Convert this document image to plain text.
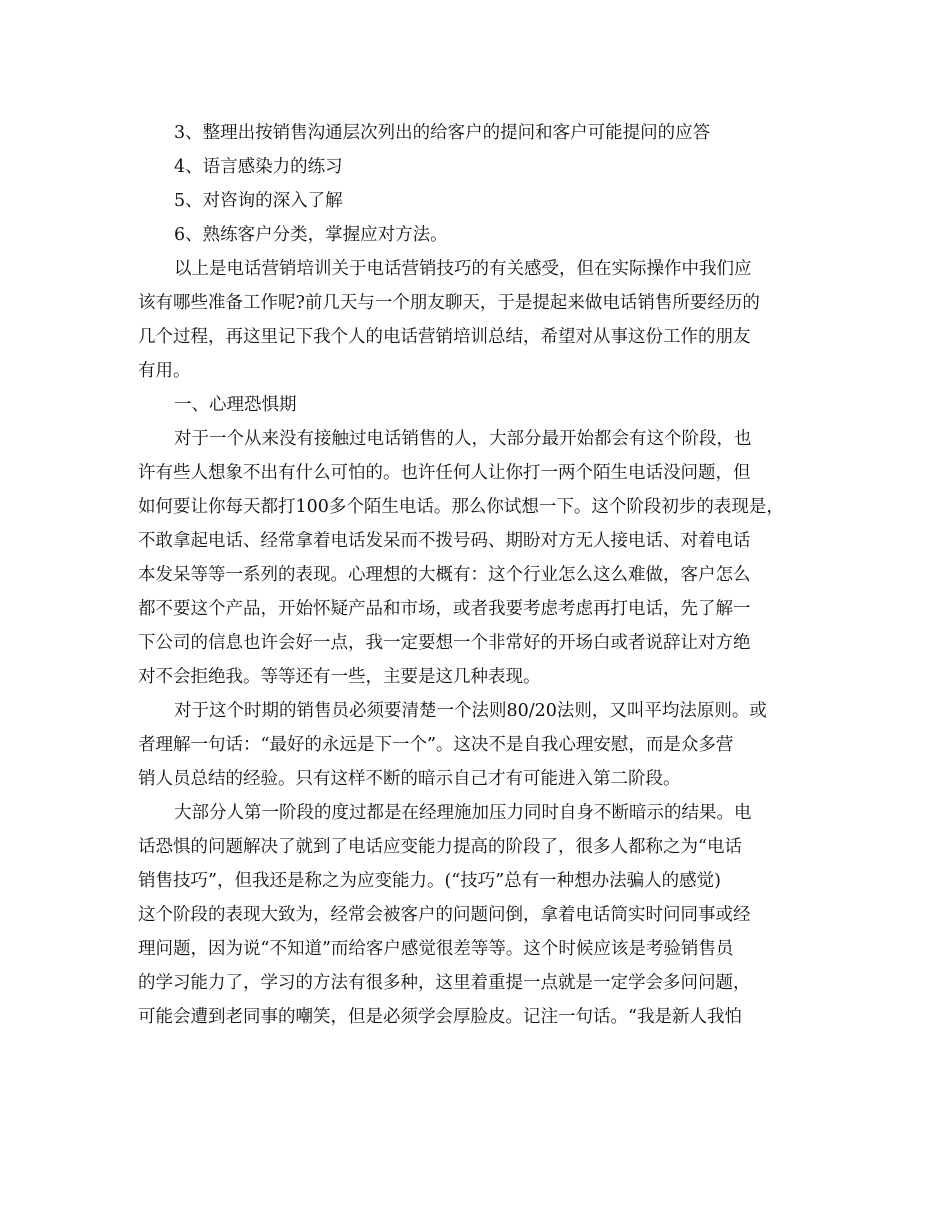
3、整理出按销售沟通层次列出的给客户的提问和客户可能提问的应答
4、语言感染力的练习
5、对咨询的深入了解
6、熟练客户分类，掌握应对方法。
以上是电话营销培训关于电话营销技巧的有关感受，但在实际操作中我们应
该有哪些准备工作呢?前几天与一个朋友聊天，于是提起来做电话销售所要经历的
几个过程，再这里记下我个人的电话营销培训总结，希望对从事这份工作的朋友
有用。
一、心理恐惧期
对于一个从来没有接触过电话销售的人，大部分最开始都会有这个阶段，也
许有些人想象不出有什么可怕的。也许任何人让你打一两个陌生电话没问题，但
如何要让你每天都打100多个陌生电话。那么你试想一下。这个阶段初步的表现是，
不敢拿起电话、经常拿着电话发呆而不拨号码、期盼对方无人接电话、对着电话
本发呆等等一系列的表现。心理想的大概有：这个行业怎么这么难做，客户怎么
都不要这个产品，开始怀疑产品和市场，或者我要考虑考虑再打电话，先了解一
下公司的信息也许会好一点，我一定要想一个非常好的开场白或者说辞让对方绝
对不会拒绝我。等等还有一些，主要是这几种表现。
对于这个时期的销售员必须要清楚一个法则80/20法则，又叫平均法原则。或
者理解一句话：“最好的永远是下一个”。这决不是自我心理安慰，而是众多营
销人员总结的经验。只有这样不断的暗示自己才有可能进入第二阶段。
大部分人第一阶段的度过都是在经理施加压力同时自身不断暗示的结果。电
话恐惧的问题解决了就到了电话应变能力提高的阶段了，很多人都称之为“电话
销售技巧”，但我还是称之为应变能力。(“技巧”总有一种想办法骗人的感觉)
这个阶段的表现大致为，经常会被客户的问题问倒，拿着电话筒实时问同事或经
理问题，因为说“不知道”而给客户感觉很差等等。这个时候应该是考验销售员
的学习能力了，学习的方法有很多种，这里着重提一点就是一定学会多问问题，
可能会遭到老同事的嘲笑，但是必须学会厚脸皮。记注一句话。“我是新人我怕
